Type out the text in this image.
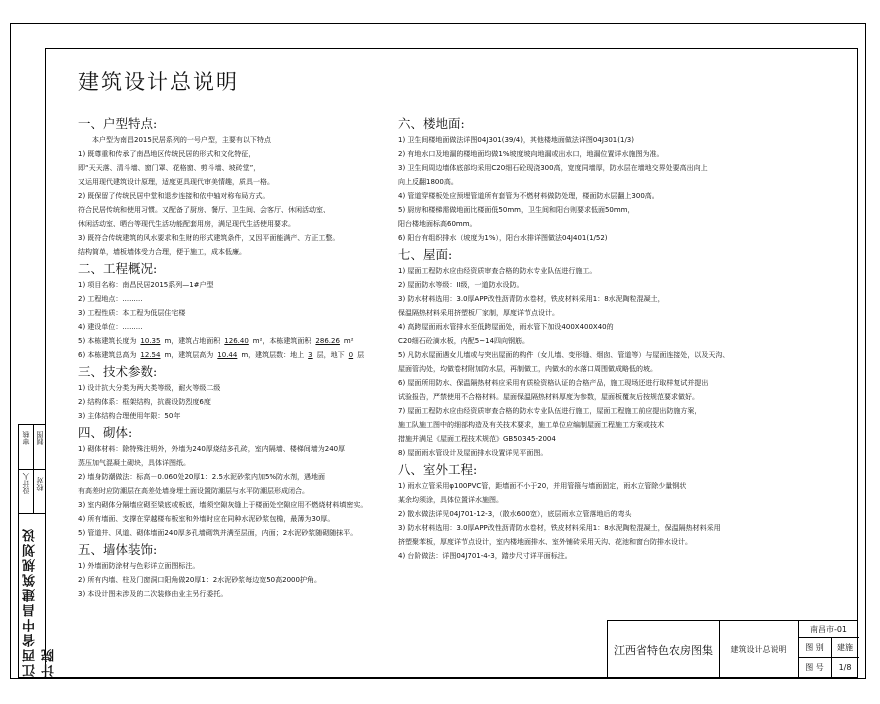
江西省中昌建筑规划设计院
设计人 校对
审核 制图
建筑设计总说明
一、户型特点:
本户型为南昌2015民居系列的一号户型，主要有以下特点
1) 既尊重和传承了南昌地区传统民居的形式和文化特征，
即“天天落、清斗墙、窗门罩、花格窗、剪斗墙、坡砖堂”，
又运用现代建筑设计原理，适度更具现代审美情趣，质具一格。
2) 既保留了传统民居中堂和退步连接和依中轴对称布局方式。
符合民居传统和使用习惯。又配备了厨房、餐厅、卫生间、会客厅、休闲活动室、
休闲活动室、晒台等现代生活功能配套用房，满足现代生活使用要求。
3) 既符合传统建筑的风水要求和生财的形式建筑条件，又因平面能满产、方正工整。
结构简单，墙板墙体受力合理，便于施工，成本低廉。
二、工程概况:
1) 项目名称：南昌民居2015系列—1#户型
2) 工程地点：.........
3) 工程性质：本工程为低层住宅楼
4) 建设单位：.........
5) 本栋建筑长度为 10.35 m，建筑占地面积 126.40 m²，本栋建筑面积 286.26 m²
6) 本栋建筑总高为 12.54 m，建筑层高为 10.44 m，建筑层数：地上 3 层，地下 0 层
三、技术参数:
1) 设计抗大分类为两大类等级，耐火等级二级
2) 结构体系：框架结构，抗震设防烈度6度
3) 主体结构合理使用年限：50年
四、砌体:
1) 砌体材料：除特殊注明外，外墙为240厚烧结多孔砖，室内隔墙、楼梯间墙为240厚
蒸压加气混凝土砌块，具体详图纸。
2) 墙身防潮做法：标高－0.060处20厚1：2.5水泥砂浆内加5%防水剂，遇地面
有高差时应防潮层在高差处墙身埋土面设置防潮层与水平防潮层形成闭合。
3) 室内砌体分隔墙应砌至梁底或板底，墙须空隙灰缝上于楼面处空隙应用不燃烧材料填密实。
4) 所有墙面、支撑在穿越楼布板室和外墙时应在同种水泥砂浆包檐，最薄为30厚。
5) 管道井、风道、砌体墙面240厚多孔墙砌筑并满至层面，内面；2水泥砂浆随砌随抹平。
五、墙体装饰:
1) 外墙面防涂材与色彩详立面图标注。
2) 所有内墙、柱及门窗洞口阳角做20厚1：2水泥砂浆每边宽50高2000护角。
3) 本设计图未涉及的二次装修由业主另行委托。
六、楼地面:
1) 卫生间楼地面做法详图04J301(39/4)，其他楼地面做法详图04J301(1/3)
2) 有地水口及地漏的楼地面均做1%坡度坡向地漏或出水口，地漏位置详水施图为准。
3) 卫生间周边墙体底部均采用C20细石砼现浇300高，宽度同墙厚，防水层在墙地交界处要高出向上
向上反翻1800高。
4) 管道穿楼板处应预埋管道所有套管为不燃材料做防处理，楼面防水层翻上300高。
5) 厨房和楼梯需做地面比楼面低50mm，卫生间和阳台则要求低面50mm，
阳台楼地面标高60mm。
6) 阳台有组织排水（坡度为1%），阳台水排详图做法04J401(1/52)
七、屋面:
1) 屋面工程防水应由经资质审查合格的防水专业队伍进行施工。
2) 屋面防水等级：II级，一道防水设防。
3) 防水材料选用：3.0厚APP改性沥青防水卷材，铁皮材料采用1：8水泥陶粒混凝土，
保温隔热材料采用挤塑板厂家制，厚度详节点设计。
4) 高跨屋面雨水管排水至低跨屋面处，雨水管下加设400X400X40的
C20细石砼滴水板，内配5~14四向钢筋。
5) 凡防水屋面遇女儿墙或与突出屋面的构件（女儿墙、变形缝、烟囱、管道等）与屋面连接处，以及天沟、
屋面管沟处，均做卷材附加防水层，再制做工，内做水的水落口周围做成略低的坡。
6) 屋面所用防水、保温隔热材料应采用有质检资格认证的合格产品，施工现场还进行取样复试并提出
试验报告，严禁使用不合格材料。屋面保温隔热材料厚度为参数，屋面板覆灰后按规范要求做好。
7) 屋面工程防水应由经资质审查合格的防水专业队伍进行施工，屋面工程施工前应提出防施方案，
施工队施工图中的细部构造及有关技术要求，施工单位应编制屋面工程施工方案或技术
措施并满足《屋面工程技术规范》GB50345-2004
8) 屋面雨水管设计及屋面排水设置详见平面图。
八、室外工程:
1) 雨水立管采用φ100PVC管，距墙面不小于20，并用管箍与墙面固定，雨水立管除少量钢状
某余均须涂，具体位置详水施图。
2) 散水做法详见04J701-12-3，（散水600宽），底层雨水立管落地后的弯头
3) 防水材料选用：3.0厚APP改性沥青防水卷材，铁皮材料采用1：8水泥陶粒混凝土，保温隔热材料采用
挤塑聚苯板，厚度详节点设计，室内楼地面排水、室外铺砖采用天沟、花池和窗台防排水设计。
4) 台阶做法：详图04J701-4-3，踏步尺寸详平面标注。
江西省特色农房图集	建筑设计总说明
南昌市-01
图 别	建施
图 号	1/8
